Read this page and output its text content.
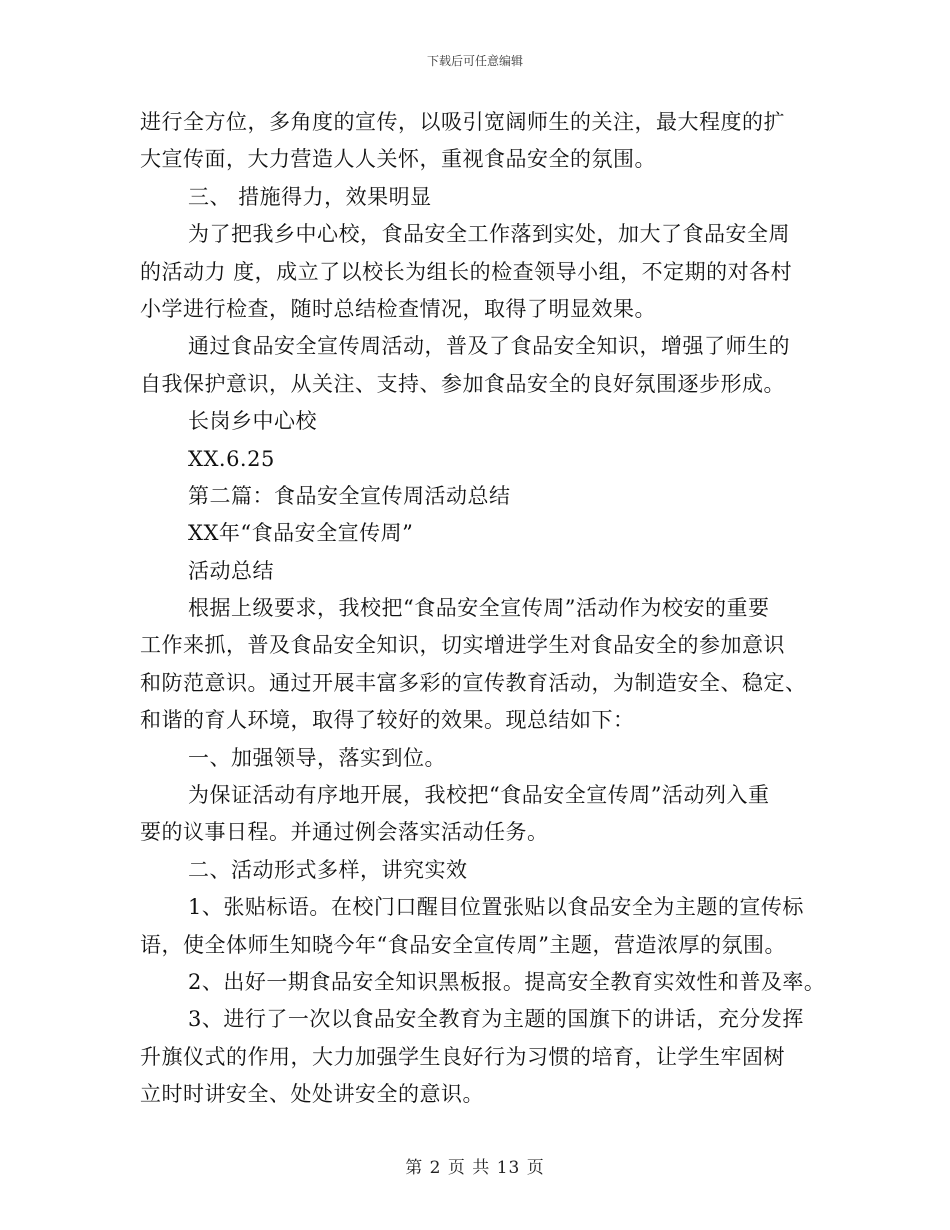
下载后可任意编辑
进行全方位，多角度的宣传，以吸引宽阔师生的关注，最大程度的扩
大宣传面，大力营造人人关怀，重视食品安全的氛围。
三、 措施得力，效果明显
为了把我乡中心校，食品安全工作落到实处，加大了食品安全周
的活动力 度，成立了以校长为组长的检查领导小组，不定期的对各村
小学进行检查，随时总结检查情况，取得了明显效果。
通过食品安全宣传周活动，普及了食品安全知识，增强了师生的
自我保护意识，从关注、支持、参加食品安全的良好氛围逐步形成。
长岗乡中心校
XX.6.25
第二篇：食品安全宣传周活动总结
XX年“食品安全宣传周”
活动总结
根据上级要求，我校把“食品安全宣传周”活动作为校安的重要
工作来抓，普及食品安全知识，切实增进学生对食品安全的参加意识
和防范意识。通过开展丰富多彩的宣传教育活动，为制造安全、稳定、
和谐的育人环境，取得了较好的效果。现总结如下：
一、加强领导，落实到位。
为保证活动有序地开展，我校把“食品安全宣传周”活动列入重
要的议事日程。并通过例会落实活动任务。
二、活动形式多样，讲究实效
1、张贴标语。在校门口醒目位置张贴以食品安全为主题的宣传标
语，使全体师生知晓今年“食品安全宣传周”主题，营造浓厚的氛围。
2、出好一期食品安全知识黑板报。提高安全教育实效性和普及率。
3、进行了一次以食品安全教育为主题的国旗下的讲话，充分发挥
升旗仪式的作用，大力加强学生良好行为习惯的培育，让学生牢固树
立时时讲安全、处处讲安全的意识。
第 2 页 共 13 页
